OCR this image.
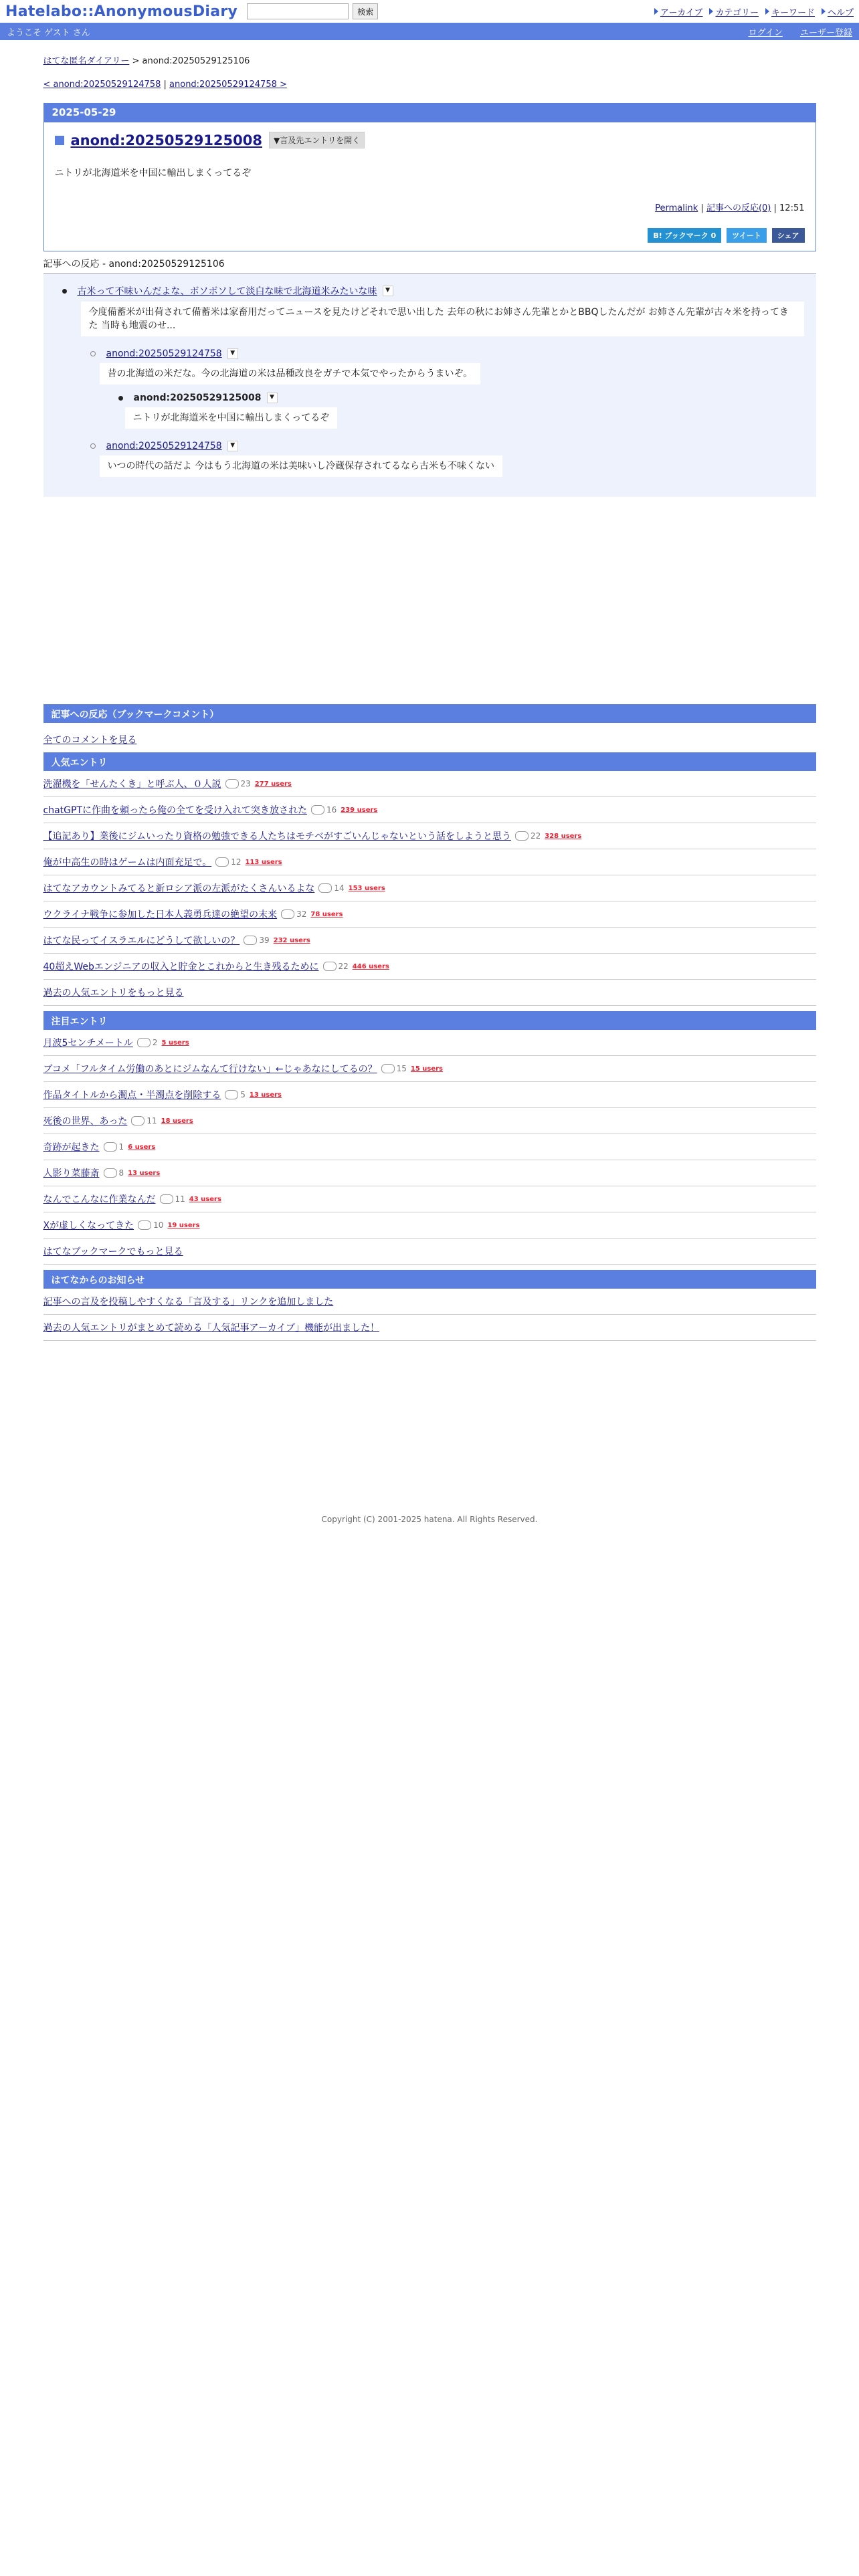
Hatelabo::AnonymousDiary	検索	アーカイブ カテゴリー キーワード ヘルプ
ようこそ ゲスト さん	ログイン ユーザー登録
はてな匿名ダイアリー > anond:20250529125106
< anond:20250529124758 | anond:20250529124758 >
2025-05-29
anond:20250529125008	▼言及先エントリを開く
ニトリが北海道米を中国に輸出しまくってるぞ
Permalink | 記事への反応(0) | 12:51
B! ブックマーク 0	ツイート	シェア
記事への反応 - anond:20250529125106
古米って不味いんだよな、ボソボソして淡白な味で北海道米みたいな味	▼
今度備蓄米が出荷されて備蓄米は家畜用だってニュースを見たけどそれで思い出した 去年の秋にお姉さん先輩とかとBBQしたんだが お姉さん先輩が古々米を持ってきた 当時も地震のせ...
anond:20250529124758	▼
昔の北海道の米だな。今の北海道の米は品種改良をガチで本気でやったからうまいぞ。
anond:20250529125008	▼
ニトリが北海道米を中国に輸出しまくってるぞ
anond:20250529124758	▼
いつの時代の話だよ 今はもう北海道の米は美味いし冷蔵保存されてるなら古米も不味くない
記事への反応（ブックマークコメント）
全てのコメントを見る
人気エントリ
洗濯機を「せんたくき」と呼ぶ人、０人説 23 277 users
chatGPTに作曲を頼ったら俺の全てを受け入れて突き放された 16 239 users
【追記あり】業後にジムいったり資格の勉強できる人たちはモチベがすごいんじゃないという話をしようと思う 22 328 users
俺が中高生の時はゲームは内面充足で。 12 113 users
はてなアカウントみてると新ロシア派の左派がたくさんいるよな 14 153 users
ウクライナ戦争に参加した日本人義勇兵達の絶望の末来 32 78 users
はてな民ってイスラエルにどうして欲しいの？ 39 232 users
40超えWebエンジニアの収入と貯金とこれからと生き残るために 22 446 users
過去の人気エントリをもっと見る
注目エントリ
月波5センチメートル 2 5 users
ブコメ「フルタイム労働のあとにジムなんて行けない」←じゃあなにしてるの？ 15 15 users
作品タイトルから濁点・半濁点を削除する 5 13 users
死後の世界、あった 11 18 users
奇跡が起きた 1 6 users
人影り菜藤斎 8 13 users
なんでこんなに作業なんだ 11 43 users
Xが虚しくなってきた 10 19 users
はてなブックマークでもっと見る
はてなからのお知らせ
記事への言及を投稿しやすくなる「言及する」リンクを追加しました
過去の人気エントリがまとめて読める「人気記事アーカイブ」機能が出ました！
Copyright (C) 2001-2025 hatena. All Rights Reserved.
